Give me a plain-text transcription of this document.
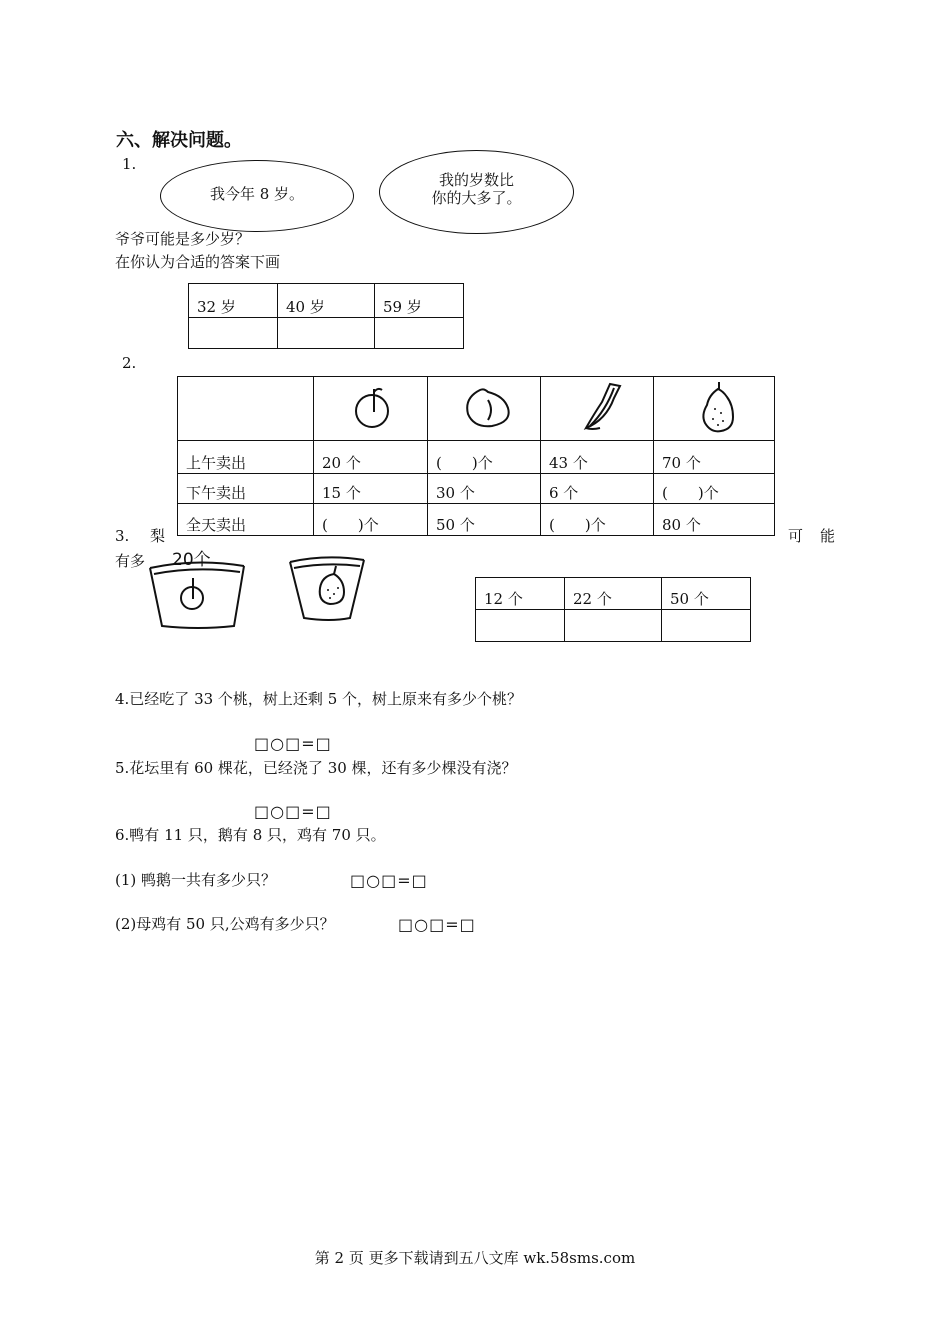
六、解决问题。
1.
我今年 8 岁。
我的岁数比
你的大多了。
爷爷可能是多少岁？
在你认为合适的答案下画
32 岁	40 岁	59 岁

2.

上午卖出	20 个	(　　)个	43 个	70 个
下午卖出	15 个	30 个	6 个	(　　)个
全天卖出	(　　)个	50 个	(　　)个	80 个
3. 梨	可 能
有多 20个
12 个	22 个	50 个

4.已经吃了 33 个桃，树上还剩 5 个，树上原来有多少个桃？
□○□=□
5.花坛里有 60 棵花，已经浇了 30 棵，还有多少棵没有浇？
□○□=□
6.鸭有 11 只，鹅有 8 只，鸡有 70 只。
(1) 鸭鹅一共有多少只？	□○□=□
(2)母鸡有 50 只,公鸡有多少只？	□○□=□
第 2 页 更多下载请到五八文库 wk.58sms.com
